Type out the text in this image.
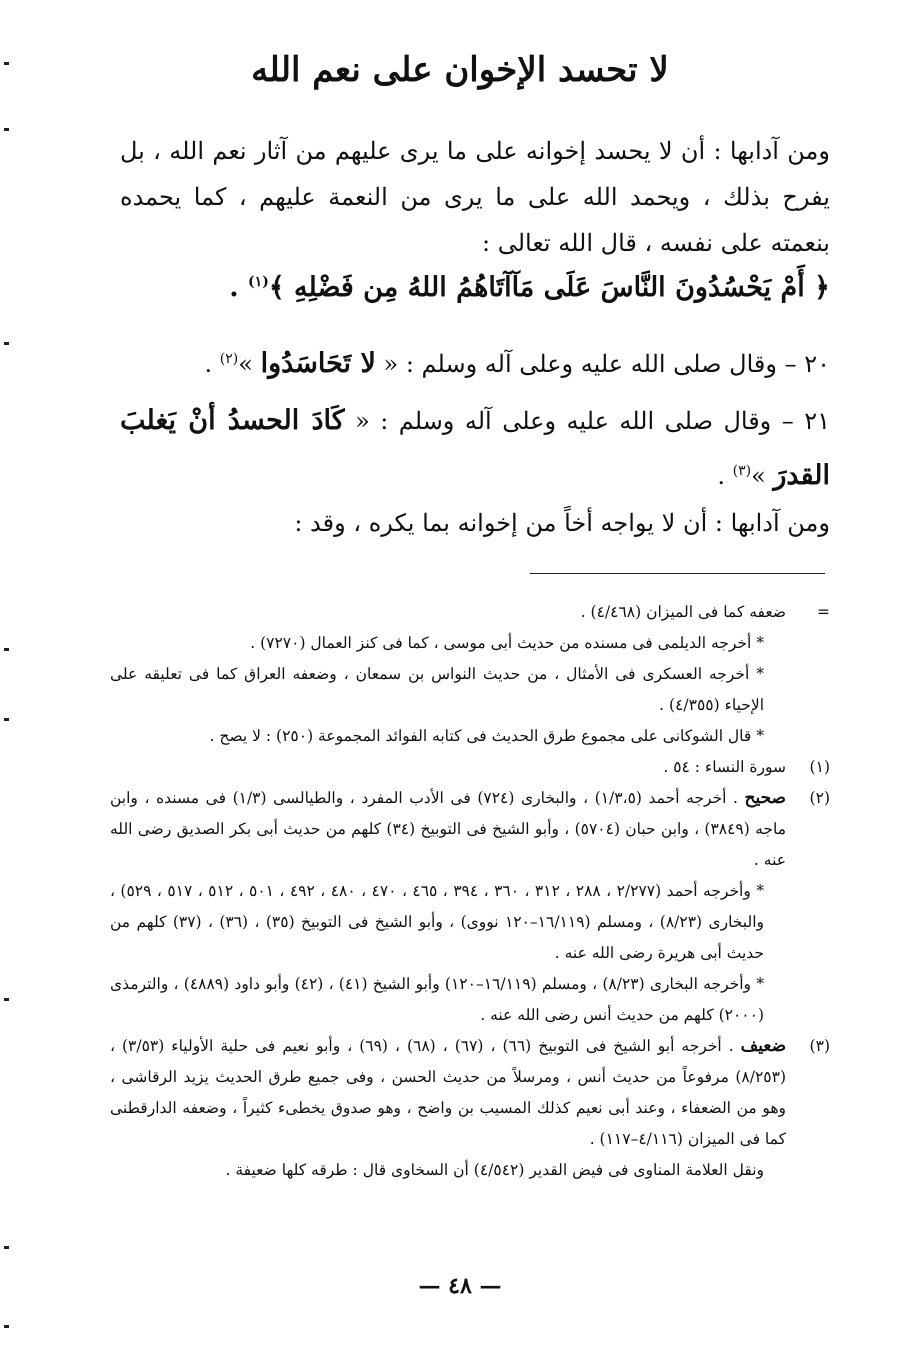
لا تحسد الإخوان على نعم الله
ومن آدابها : أن لا يحسد إخوانه على ما يرى عليهم من آثار نعم الله ، بل يفرح بذلك ، ويحمد الله على ما يرى من النعمة عليهم ، كما يحمده بنعمته على نفسه ، قال الله تعالى :
﴿ أَمْ يَحْسُدُونَ النَّاسَ عَلَى مَآآتَاهُمُ اللهُ مِن فَضْلِهِ ﴾$^{(١)}$ .
٢٠ – وقال صلى الله عليه وعلى آله وسلم : « لا تَحَاسَدُوا »$^{(٢)}$ .
٢١ – وقال صلى الله عليه وعلى آله وسلم : « كَادَ الحسدُ أنْ يَغلبَ القدرَ »$^{(٣)}$ .
ومن آدابها : أن لا يواجه أخاً من إخوانه بما يكره ، وقد :
=
ضعفه كما فى الميزان (٤/٤٦٨) .
* أخرجه الديلمى فى مسنده من حديث أبى موسى ، كما فى كنز العمال (٧٢٧٠) .
* أخرجه العسكرى فى الأمثال ، من حديث النواس بن سمعان ، وضعفه العراق كما فى تعليقه على الإحياء (٤/٣٥٥) .
* قال الشوكانى على مجموع طرق الحديث فى كتابه الفوائد المجموعة (٢٥٠) : لا يصح .
(١)
سورة النساء : ٥٤ .
(٢)
صحيح . أخرجه أحمد (١/٣،٥) ، والبخارى (٧٢٤) فى الأدب المفرد ، والطيالسى (١/٣) فى مسنده ، وابن ماجه (٣٨٤٩) ، وابن حبان (٥٧٠٤) ، وأبو الشيخ فى التوبيخ (٣٤) كلهم من حديث أبى بكر الصديق رضى الله عنه .
* وأخرجه أحمد (٢/٢٧٧ ، ٢٨٨ ، ٣١٢ ، ٣٦٠ ، ٣٩٤ ، ٤٦٥ ، ٤٧٠ ، ٤٨٠ ، ٤٩٢ ، ٥٠١ ، ٥١٢ ، ٥١٧ ، ٥٢٩) ، والبخارى (٨/٢٣) ، ومسلم (١٦/١١٩–١٢٠ نووى) ، وأبو الشيخ فى التوبيخ (٣٥) ، (٣٦) ، (٣٧) كلهم من حديث أبى هريرة رضى الله عنه .
* وأخرجه البخارى (٨/٢٣) ، ومسلم (١٦/١١٩–١٢٠) وأبو الشيخ (٤١) ، (٤٢) وأبو داود (٤٨٨٩) ، والترمذى (٢٠٠٠) كلهم من حديث أنس رضى الله عنه .
(٣)
ضعيف . أخرجه أبو الشيخ فى التوبيخ (٦٦) ، (٦٧) ، (٦٨) ، (٦٩) ، وأبو نعيم فى حلية الأولياء (٣/٥٣) ، (٨/٢٥٣) مرفوعاً من حديث أنس ، ومرسلاً من حديث الحسن ، وفى جميع طرق الحديث يزيد الرقاشى ، وهو من الضعفاء ، وعند أبى نعيم كذلك المسيب بن واضح ، وهو صدوق يخطىء كثيراً ، وضعفه الدارقطنى كما فى الميزان (٤/١١٦–١١٧) .
ونقل العلامة المناوى فى فيض القدير (٤/٥٤٢) أن السخاوى قال : طرقه كلها ضعيفة .
— ٤٨ —
